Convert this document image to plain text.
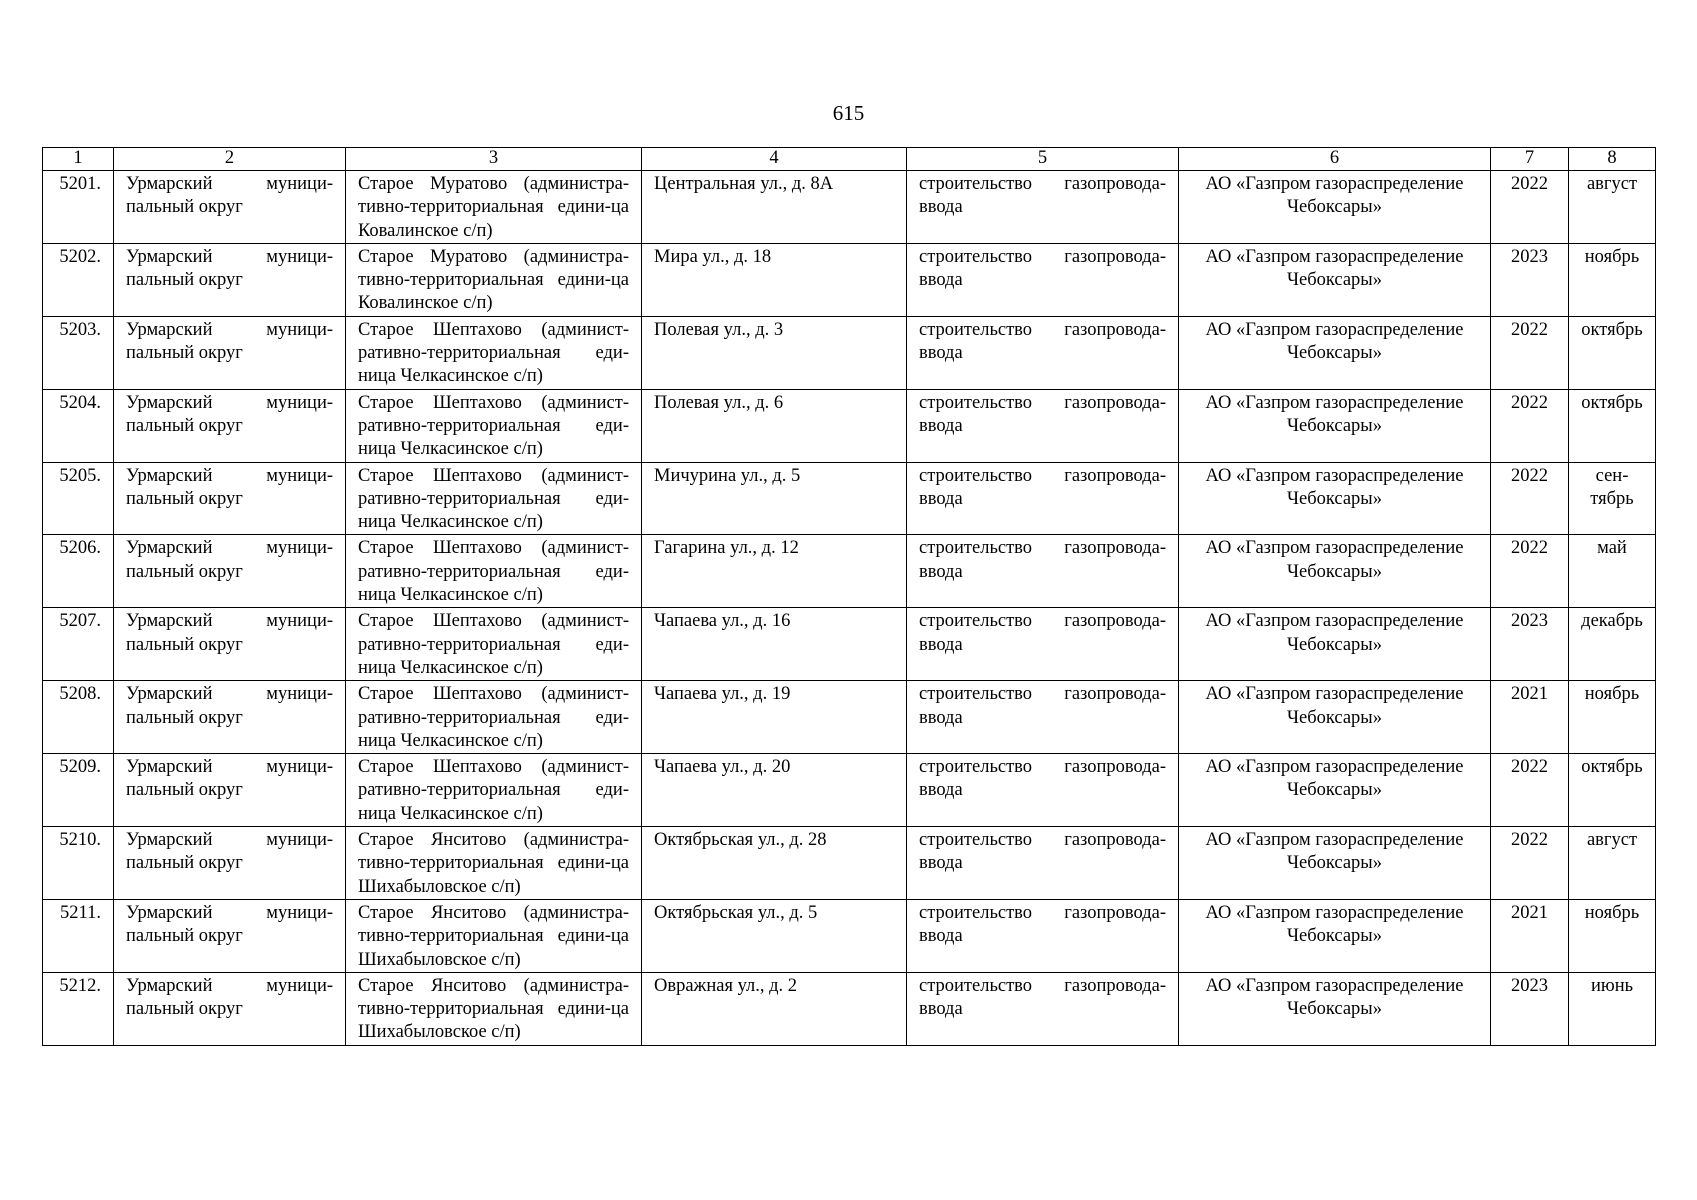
615
1	2	3	4	5	6	7	8
5201.	Урмарский муници-пальный округ	Старое Муратово (администра-тивно-территориальная едини-ца Ковалинское с/п)	Центральная ул., д. 8А	строительство газопровода-ввода	АО «Газпром газораспределение Чебоксары»	2022	август
5202.	Урмарский муници-пальный округ	Старое Муратово (администра-тивно-территориальная едини-ца Ковалинское с/п)	Мира ул., д. 18	строительство газопровода-ввода	АО «Газпром газораспределение Чебоксары»	2023	ноябрь
5203.	Урмарский муници-пальный округ	Старое Шептахово (админист-ративно-территориальная еди-ница Челкасинское с/п)	Полевая ул., д. 3	строительство газопровода-ввода	АО «Газпром газораспределение Чебоксары»	2022	октябрь
5204.	Урмарский муници-пальный округ	Старое Шептахово (админист-ративно-территориальная еди-ница Челкасинское с/п)	Полевая ул., д. 6	строительство газопровода-ввода	АО «Газпром газораспределение Чебоксары»	2022	октябрь
5205.	Урмарский муници-пальный округ	Старое Шептахово (админист-ративно-территориальная еди-ница Челкасинское с/п)	Мичурина ул., д. 5	строительство газопровода-ввода	АО «Газпром газораспределение Чебоксары»	2022	сен-тябрь
5206.	Урмарский муници-пальный округ	Старое Шептахово (админист-ративно-территориальная еди-ница Челкасинское с/п)	Гагарина ул., д. 12	строительство газопровода-ввода	АО «Газпром газораспределение Чебоксары»	2022	май
5207.	Урмарский муници-пальный округ	Старое Шептахово (админист-ративно-территориальная еди-ница Челкасинское с/п)	Чапаева ул., д. 16	строительство газопровода-ввода	АО «Газпром газораспределение Чебоксары»	2023	декабрь
5208.	Урмарский муници-пальный округ	Старое Шептахово (админист-ративно-территориальная еди-ница Челкасинское с/п)	Чапаева ул., д. 19	строительство газопровода-ввода	АО «Газпром газораспределение Чебоксары»	2021	ноябрь
5209.	Урмарский муници-пальный округ	Старое Шептахово (админист-ративно-территориальная еди-ница Челкасинское с/п)	Чапаева ул., д. 20	строительство газопровода-ввода	АО «Газпром газораспределение Чебоксары»	2022	октябрь
5210.	Урмарский муници-пальный округ	Старое Янситово (администра-тивно-территориальная едини-ца Шихабыловское с/п)	Октябрьская ул., д. 28	строительство газопровода-ввода	АО «Газпром газораспределение Чебоксары»	2022	август
5211.	Урмарский муници-пальный округ	Старое Янситово (администра-тивно-территориальная едини-ца Шихабыловское с/п)	Октябрьская ул., д. 5	строительство газопровода-ввода	АО «Газпром газораспределение Чебоксары»	2021	ноябрь
5212.	Урмарский муници-пальный округ	Старое Янситово (администра-тивно-территориальная едини-ца Шихабыловское с/п)	Овражная ул., д. 2	строительство газопровода-ввода	АО «Газпром газораспределение Чебоксары»	2023	июнь
